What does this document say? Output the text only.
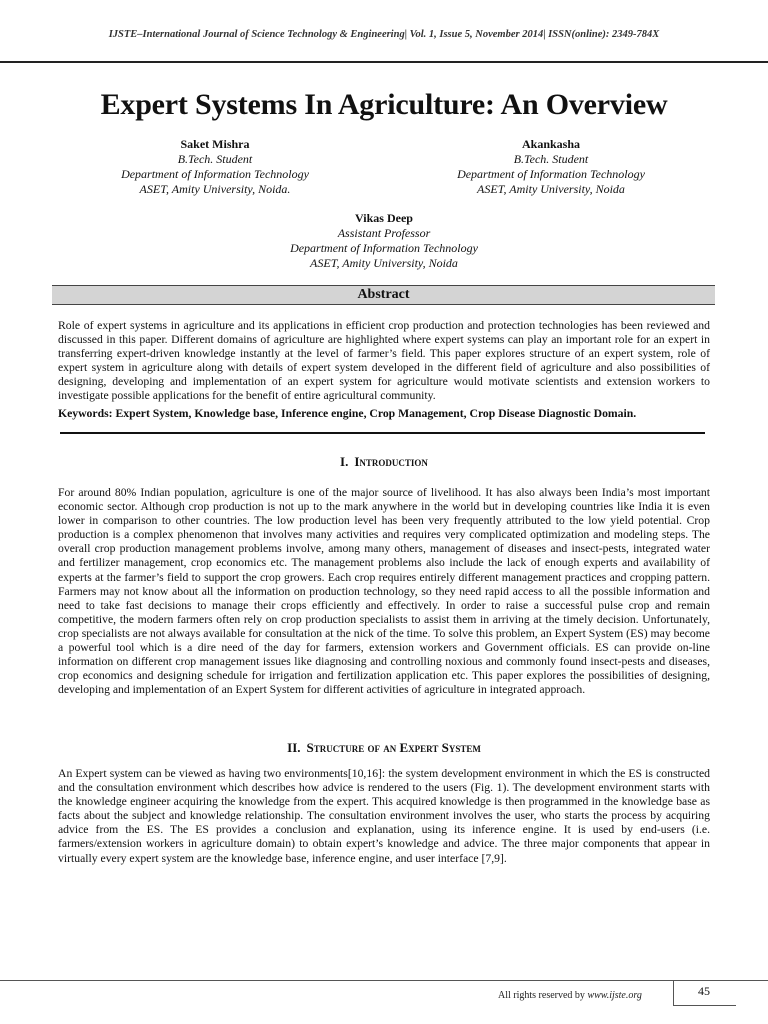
IJSTE–International Journal of Science Technology & Engineering| Vol. 1, Issue 5, November 2014| ISSN(online): 2349-784X
Expert Systems In Agriculture: An Overview
Saket Mishra
B.Tech. Student
Department of Information Technology
ASET, Amity University, Noida.
Akankasha
B.Tech. Student
Department of Information Technology
ASET, Amity University, Noida
Vikas Deep
Assistant Professor
Department of Information Technology
ASET, Amity University, Noida
Abstract

Role of expert systems in agriculture and its applications in efficient crop production and protection technologies has been reviewed and discussed in this paper. Different domains of agriculture are highlighted where expert systems can play an important role for an expert in transferring expert-driven knowledge instantly at the level of farmer’s field. This paper explores structure of an expert system, role of expert system in agriculture along with details of expert system developed in the different field of agriculture and also possibilities of designing, developing and implementation of an expert system for agriculture would motivate scientists and extension workers to investigate possible applications for the benefit of entire agricultural community.

Keywords: Expert System, Knowledge base, Inference engine, Crop Management, Crop Disease Diagnostic Domain.
I. Introduction

For around 80% Indian population, agriculture is one of the major source of livelihood. It has also always been India’s most important economic sector. Although crop production is not up to the mark anywhere in the world but in developing countries like India it is even lower in comparison to other countries. The low production level has been very frequently attributed to the low yield potential. Crop production is a complex phenomenon that involves many activities and requires very complicated optimization and modeling steps. The overall crop production management problems involve, among many others, management of diseases and insect-pests, integrated water and fertilizer management, crop economics etc. The management problems also include the lack of enough experts and availability of experts at the farmer’s field to support the crop growers. Each crop requires entirely different management practices and cropping pattern. Farmers may not know about all the information on production technology, so they need rapid access to all the possible information and need to take fast decisions to manage their crops efficiently and effectively. In order to raise a successful pulse crop and remain competitive, the modern farmers often rely on crop production specialists to assist them in arriving at the timely decision. Unfortunately, crop specialists are not always available for consultation at the nick of the time. To solve this problem, an Expert System (ES) may become a powerful tool which is a dire need of the day for farmers, extension workers and Government officials. ES can provide on-line information on different crop management issues like diagnosing and controlling noxious and commonly found insect-pests and diseases, crop economics and designing schedule for irrigation and fertilization application etc. This paper explores the possibilities of designing, developing and implementation of an Expert System for different activities of agriculture in integrated approach.

II. Structure of an Expert System

An Expert system can be viewed as having two environments[10,16]: the system development environment in which the ES is constructed and the consultation environment which describes how advice is rendered to the users (Fig. 1). The development environment starts with the knowledge engineer acquiring the knowledge from the expert. This acquired knowledge is then programmed in the knowledge base as facts about the subject and knowledge relationship. The consultation environment involves the user, who starts the process by acquiring advice from the ES. The ES provides a conclusion and explanation, using its inference engine. It is used by end-users (i.e. farmers/extension workers in agriculture domain) to obtain expert’s knowledge and advice. The three major components that appear in virtually every expert system are the knowledge base, inference engine, and user interface [7,9].

All rights reserved by www.ijste.org	45
